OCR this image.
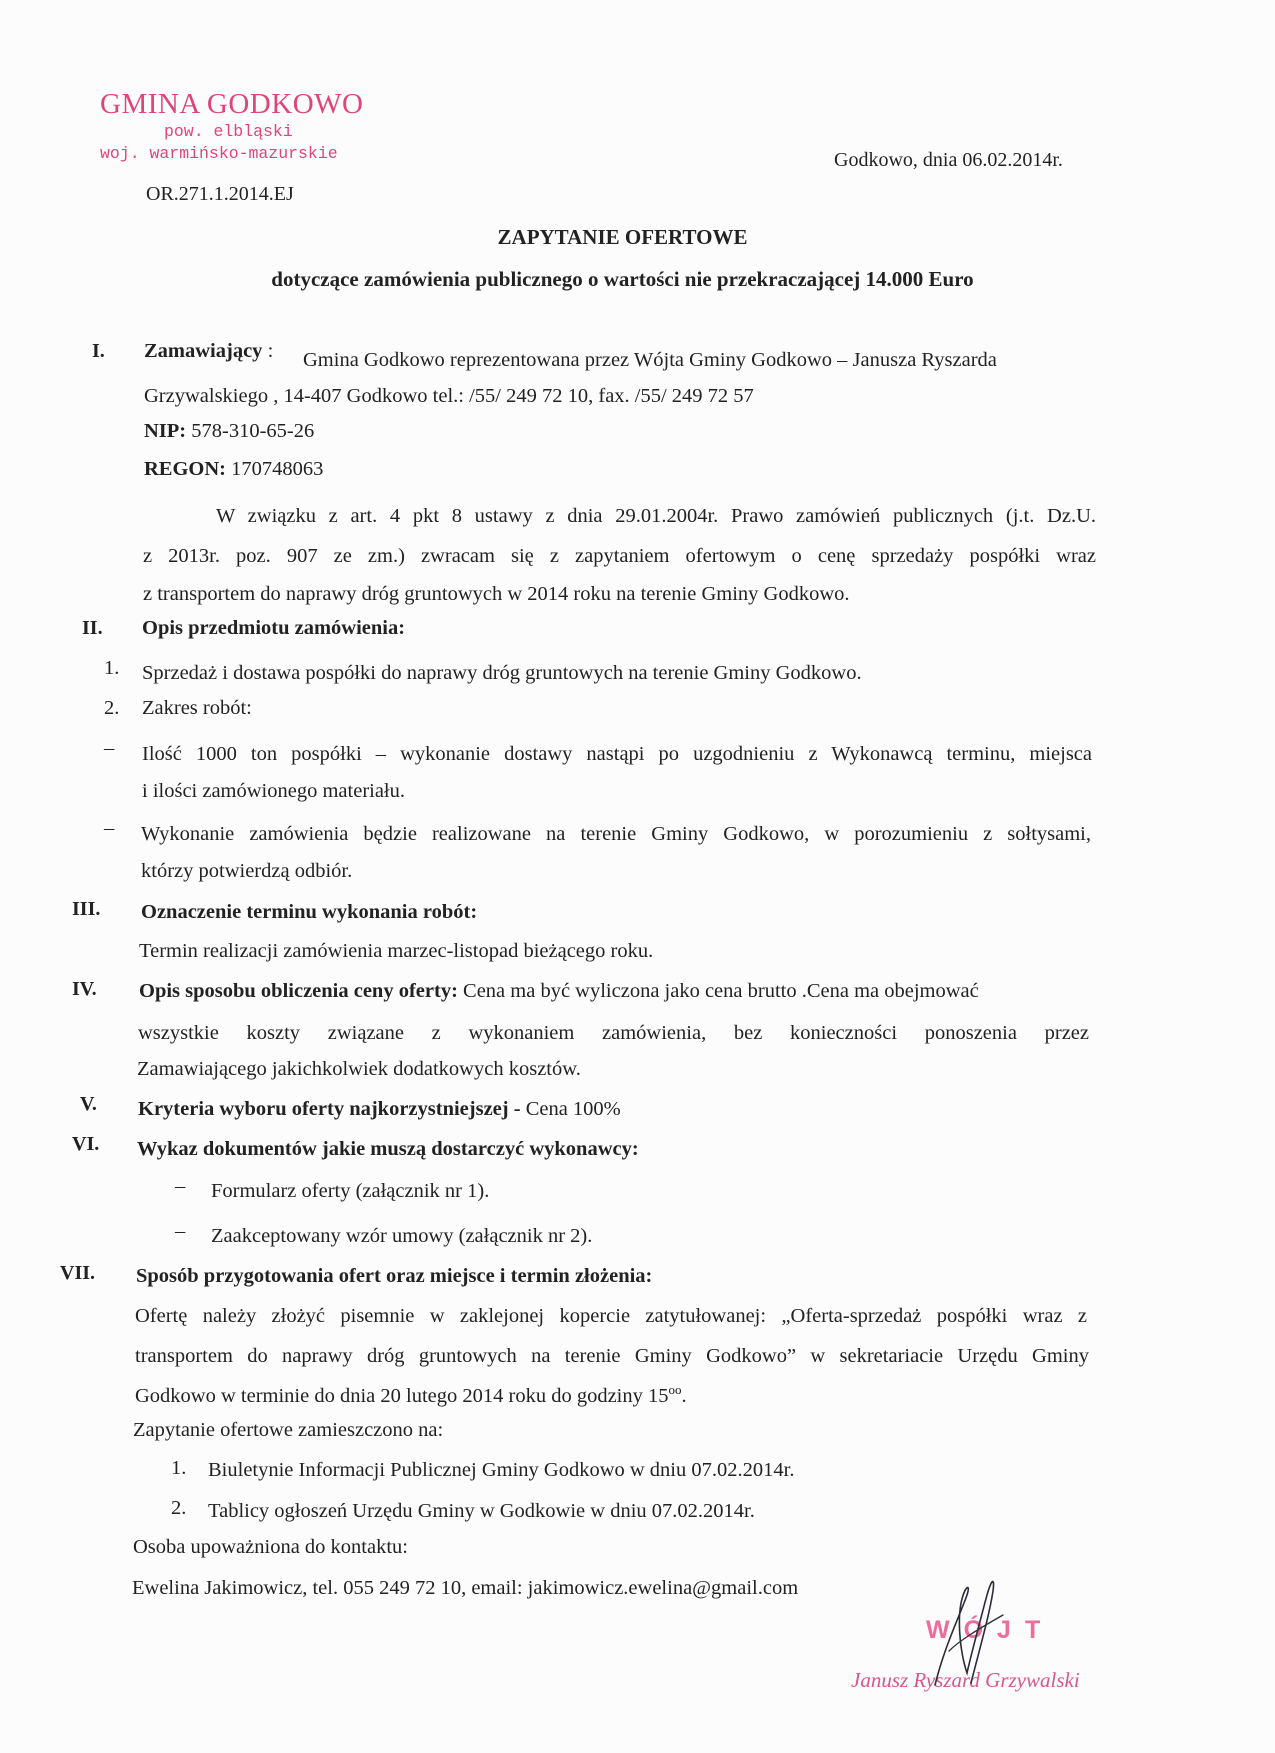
GMINA GODKOWO
pow. elbląski
woj. warmińsko-mazurskie
OR.271.1.2014.EJ
Godkowo, dnia 06.02.2014r.
ZAPYTANIE OFERTOWE
dotyczące zamówienia publicznego o wartości nie przekraczającej 14.000 Euro
I. Zamawiający : Gmina Godkowo reprezentowana przez Wójta Gminy Godkowo – Janusza Ryszarda
Grzywalskiego , 14-407 Godkowo tel.: /55/ 249 72 10, fax. /55/ 249 72 57
NIP: 578-310-65-26
REGON: 170748063
W związku z art. 4 pkt 8 ustawy z dnia 29.01.2004r. Prawo zamówień publicznych (j.t. Dz.U.
z 2013r. poz. 907 ze zm.) zwracam się z zapytaniem ofertowym o cenę sprzedaży pospółki wraz
z transportem do naprawy dróg gruntowych w 2014 roku na terenie Gminy Godkowo.
II. Opis przedmiotu zamówienia:
1. Sprzedaż i dostawa pospółki do naprawy dróg gruntowych na terenie Gminy Godkowo.
2. Zakres robót:
– Ilość 1000 ton pospółki – wykonanie dostawy nastąpi po uzgodnieniu z Wykonawcą terminu, miejsca
i ilości zamówionego materiału.
– Wykonanie zamówienia będzie realizowane na terenie Gminy Godkowo, w porozumieniu z sołtysami,
którzy potwierdzą odbiór.
III. Oznaczenie terminu wykonania robót:
Termin realizacji zamówienia marzec-listopad bieżącego roku.
IV. Opis sposobu obliczenia ceny oferty: Cena ma być wyliczona jako cena brutto .Cena ma obejmować
wszystkie koszty związane z wykonaniem zamówienia, bez konieczności ponoszenia przez
Zamawiającego jakichkolwiek dodatkowych kosztów.
V. Kryteria wyboru oferty najkorzystniejszej - Cena 100%
VI. Wykaz dokumentów jakie muszą dostarczyć wykonawcy:
– Formularz oferty (załącznik nr 1).
– Zaakceptowany wzór umowy (załącznik nr 2).
VII. Sposób przygotowania ofert oraz miejsce i termin złożenia:
Ofertę należy złożyć pisemnie w zaklejonej kopercie zatytułowanej: „Oferta-sprzedaż pospółki wraz z
transportem do naprawy dróg gruntowych na terenie Gminy Godkowo” w sekretariacie Urzędu Gminy
Godkowo w terminie do dnia 20 lutego 2014 roku do godziny $15^{oo}$.
Zapytanie ofertowe zamieszczono na:
1. Biuletynie Informacji Publicznej Gminy Godkowo w dniu 07.02.2014r.
2. Tablicy ogłoszeń Urzędu Gminy w Godkowie w dniu 07.02.2014r.
Osoba upoważniona do kontaktu:
Ewelina Jakimowicz, tel. 055 249 72 10, email: jakimowicz.ewelina@gmail.com
WÓJT
Janusz Ryszard Grzywalski
